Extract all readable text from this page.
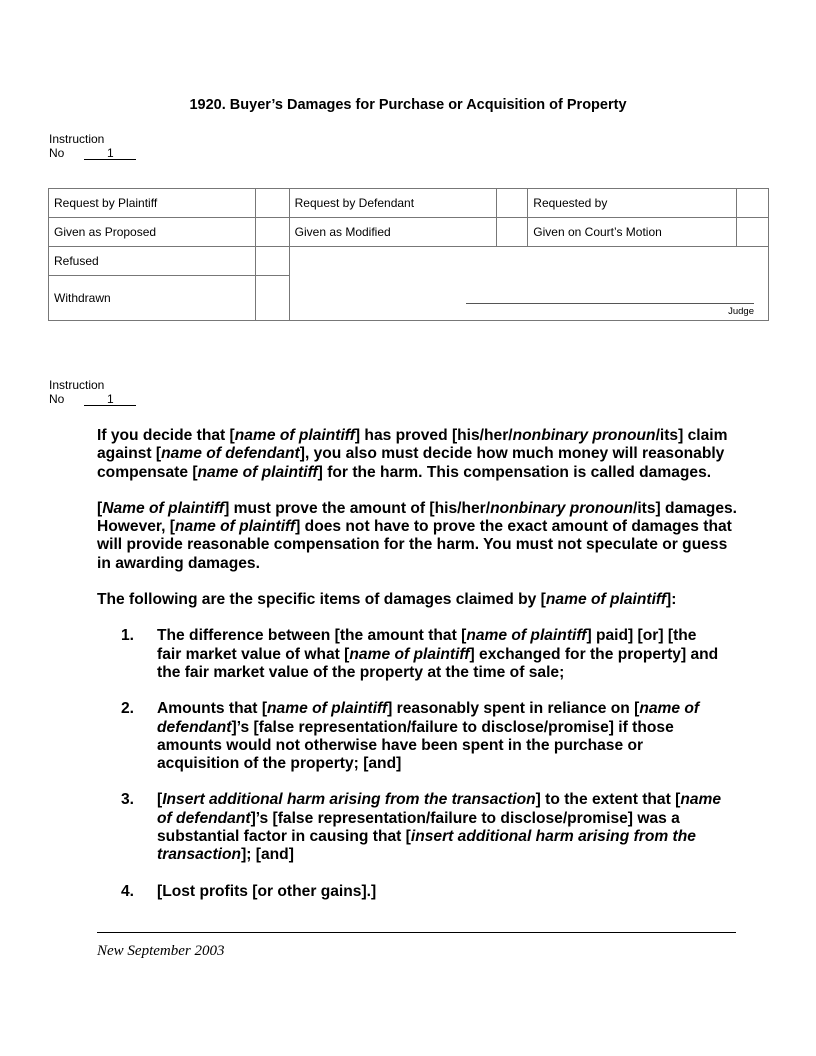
1920. Buyer’s Damages for Purchase or Acquisition of Property
Instruction
No	1
Request by Plaintiff		Request by Defendant		Requested by	
Given as Proposed		Given as Modified		Given on Court’s Motion	
Refused					
Withdrawn					
Judge
Instruction
No	1

If you decide that [name of plaintiff] has proved [his/her/nonbinary pronoun/its] claim against [name of defendant], you also must decide how much money will reasonably compensate [name of plaintiff] for the harm. This compensation is called damages.

[Name of plaintiff] must prove the amount of [his/her/nonbinary pronoun/its] damages. However, [name of plaintiff] does not have to prove the exact amount of damages that will provide reasonable compensation for the harm. You must not speculate or guess in awarding damages.

The following are the specific items of damages claimed by [name of plaintiff]:

1.	The difference between [the amount that [name of plaintiff] paid] [or] [the fair market value of what [name of plaintiff] exchanged for the property] and the fair market value of the property at the time of sale;
2.	Amounts that [name of plaintiff] reasonably spent in reliance on [name of defendant]’s [false representation/failure to disclose/promise] if those amounts would not otherwise have been spent in the purchase or acquisition of the property; [and]
3.	[Insert additional harm arising from the transaction] to the extent that [name of defendant]’s [false representation/failure to disclose/promise] was a substantial factor in causing that [insert additional harm arising from the transaction]; [and]
4.	[Lost profits [or other gains].]
New September 2003
